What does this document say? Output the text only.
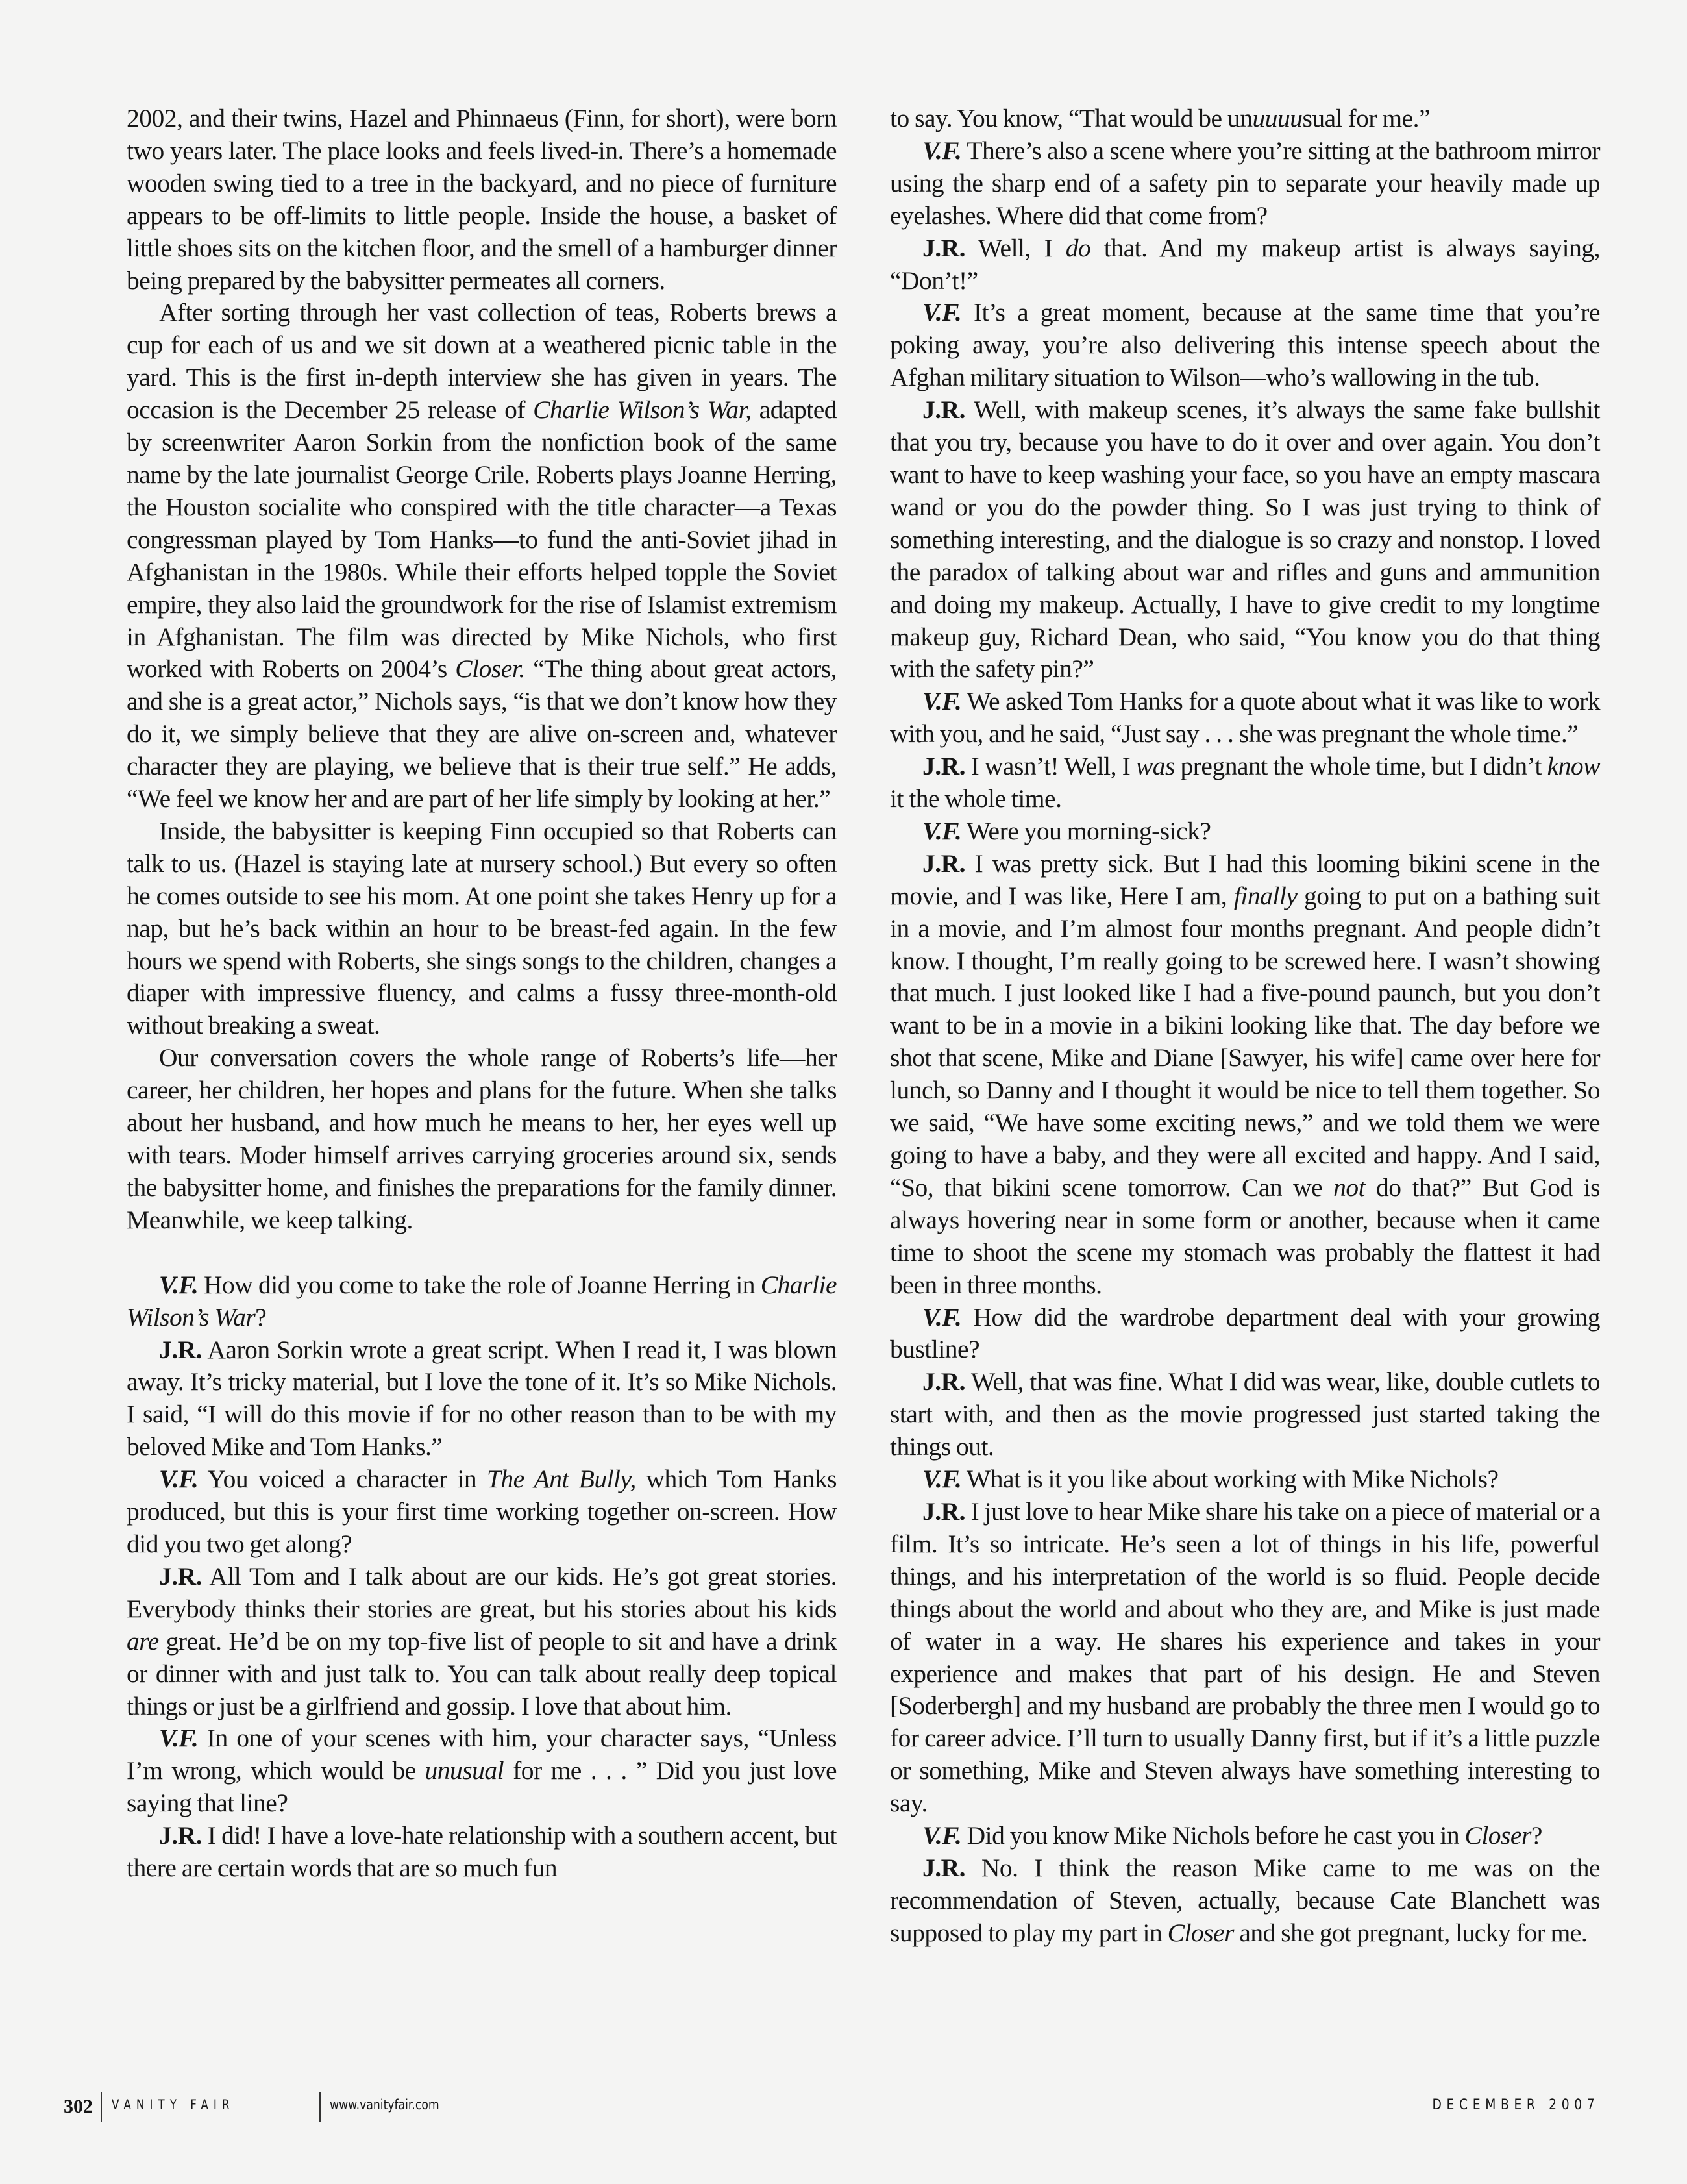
2002, and their twins, Hazel and Phinnaeus (Finn, for short), were born two years later. The place looks and feels lived-in. There’s a homemade wooden swing tied to a tree in the backyard, and no piece of furniture appears to be off-limits to little people. Inside the house, a basket of little shoes sits on the kitchen floor, and the smell of a hamburger dinner being prepared by the babysitter permeates all corners.

After sorting through her vast collection of teas, Roberts brews a cup for each of us and we sit down at a weathered picnic table in the yard. This is the first in-depth interview she has given in years. The occasion is the December 25 release of Charlie Wilson’s War, adapted by screenwriter Aaron Sorkin from the nonfiction book of the same name by the late journalist George Crile. Roberts plays Joanne Herring, the Houston socialite who conspired with the title character—a Texas congressman played by Tom Hanks—to fund the anti-Soviet jihad in Afghanistan in the 1980s. While their efforts helped topple the Soviet empire, they also laid the groundwork for the rise of Islamist extremism in Afghanistan. The film was directed by Mike Nichols, who first worked with Roberts on 2004’s Closer. “The thing about great actors, and she is a great actor,” Nichols says, “is that we don’t know how they do it, we simply believe that they are alive on-screen and, whatever character they are playing, we believe that is their true self.” He adds, “We feel we know her and are part of her life simply by looking at her.”

Inside, the babysitter is keeping Finn occupied so that Roberts can talk to us. (Hazel is staying late at nursery school.) But every so often he comes outside to see his mom. At one point she takes Henry up for a nap, but he’s back within an hour to be breast-fed again. In the few hours we spend with Roberts, she sings songs to the children, changes a diaper with impressive fluency, and calms a fussy three-month-old without breaking a sweat.

Our conversation covers the whole range of Roberts’s life—her career, her children, her hopes and plans for the future. When she talks about her husband, and how much he means to her, her eyes well up with tears. Moder himself arrives carrying groceries around six, sends the babysitter home, and finishes the preparations for the family dinner. Meanwhile, we keep talking.

V.F. How did you come to take the role of Joanne Herring in Charlie Wilson’s War?

J.R. Aaron Sorkin wrote a great script. When I read it, I was blown away. It’s tricky material, but I love the tone of it. It’s so Mike Nichols. I said, “I will do this movie if for no other reason than to be with my beloved Mike and Tom Hanks.”

V.F. You voiced a character in The Ant Bully, which Tom Hanks produced, but this is your first time working together on-screen. How did you two get along?

J.R. All Tom and I talk about are our kids. He’s got great stories. Everybody thinks their stories are great, but his stories about his kids are great. He’d be on my top-five list of people to sit and have a drink or dinner with and just talk to. You can talk about really deep topical things or just be a girlfriend and gossip. I love that about him.

V.F. In one of your scenes with him, your character says, “Unless I’m wrong, which would be unusual for me . . . ” Did you just love saying that line?

J.R. I did! I have a love-hate relationship with a southern accent, but there are certain words that are so much fun

to say. You know, “That would be unuuuusual for me.”

V.F. There’s also a scene where you’re sitting at the bathroom mirror using the sharp end of a safety pin to separate your heavily made up eyelashes. Where did that come from?

J.R. Well, I do that. And my makeup artist is always saying, “Don’t!”

V.F. It’s a great moment, because at the same time that you’re poking away, you’re also delivering this intense speech about the Afghan military situation to Wilson—who’s wallowing in the tub.

J.R. Well, with makeup scenes, it’s always the same fake bullshit that you try, because you have to do it over and over again. You don’t want to have to keep washing your face, so you have an empty mascara wand or you do the powder thing. So I was just trying to think of something interesting, and the dialogue is so crazy and nonstop. I loved the paradox of talking about war and rifles and guns and ammunition and doing my makeup. Actually, I have to give credit to my longtime makeup guy, Richard Dean, who said, “You know you do that thing with the safety pin?”

V.F. We asked Tom Hanks for a quote about what it was like to work with you, and he said, “Just say . . . she was pregnant the whole time.”

J.R. I wasn’t! Well, I was pregnant the whole time, but I didn’t know it the whole time.

V.F. Were you morning-sick?

J.R. I was pretty sick. But I had this looming bikini scene in the movie, and I was like, Here I am, finally going to put on a bathing suit in a movie, and I’m almost four months pregnant. And people didn’t know. I thought, I’m really going to be screwed here. I wasn’t showing that much. I just looked like I had a five-pound paunch, but you don’t want to be in a movie in a bikini looking like that. The day before we shot that scene, Mike and Diane [Sawyer, his wife] came over here for lunch, so Danny and I thought it would be nice to tell them together. So we said, “We have some exciting news,” and we told them we were going to have a baby, and they were all excited and happy. And I said, “So, that bikini scene tomorrow. Can we not do that?” But God is always hovering near in some form or another, because when it came time to shoot the scene my stomach was probably the flattest it had been in three months.

V.F. How did the wardrobe department deal with your growing bustline?

J.R. Well, that was fine. What I did was wear, like, double cutlets to start with, and then as the movie progressed just started taking the things out.

V.F. What is it you like about working with Mike Nichols?

J.R. I just love to hear Mike share his take on a piece of material or a film. It’s so intricate. He’s seen a lot of things in his life, powerful things, and his interpretation of the world is so fluid. People decide things about the world and about who they are, and Mike is just made of water in a way. He shares his experience and takes in your experience and makes that part of his design. He and Steven [Soderbergh] and my husband are probably the three men I would go to for career advice. I’ll turn to usually Danny first, but if it’s a little puzzle or something, Mike and Steven always have something interesting to say.

V.F. Did you know Mike Nichols before he cast you in Closer?

J.R. No. I think the reason Mike came to me was on the recommendation of Steven, actually, because Cate Blanchett was supposed to play my part in Closer and she got pregnant, lucky for me.

302 VANITY FAIR	www.vanityfair.com	DECEMBER 2007
